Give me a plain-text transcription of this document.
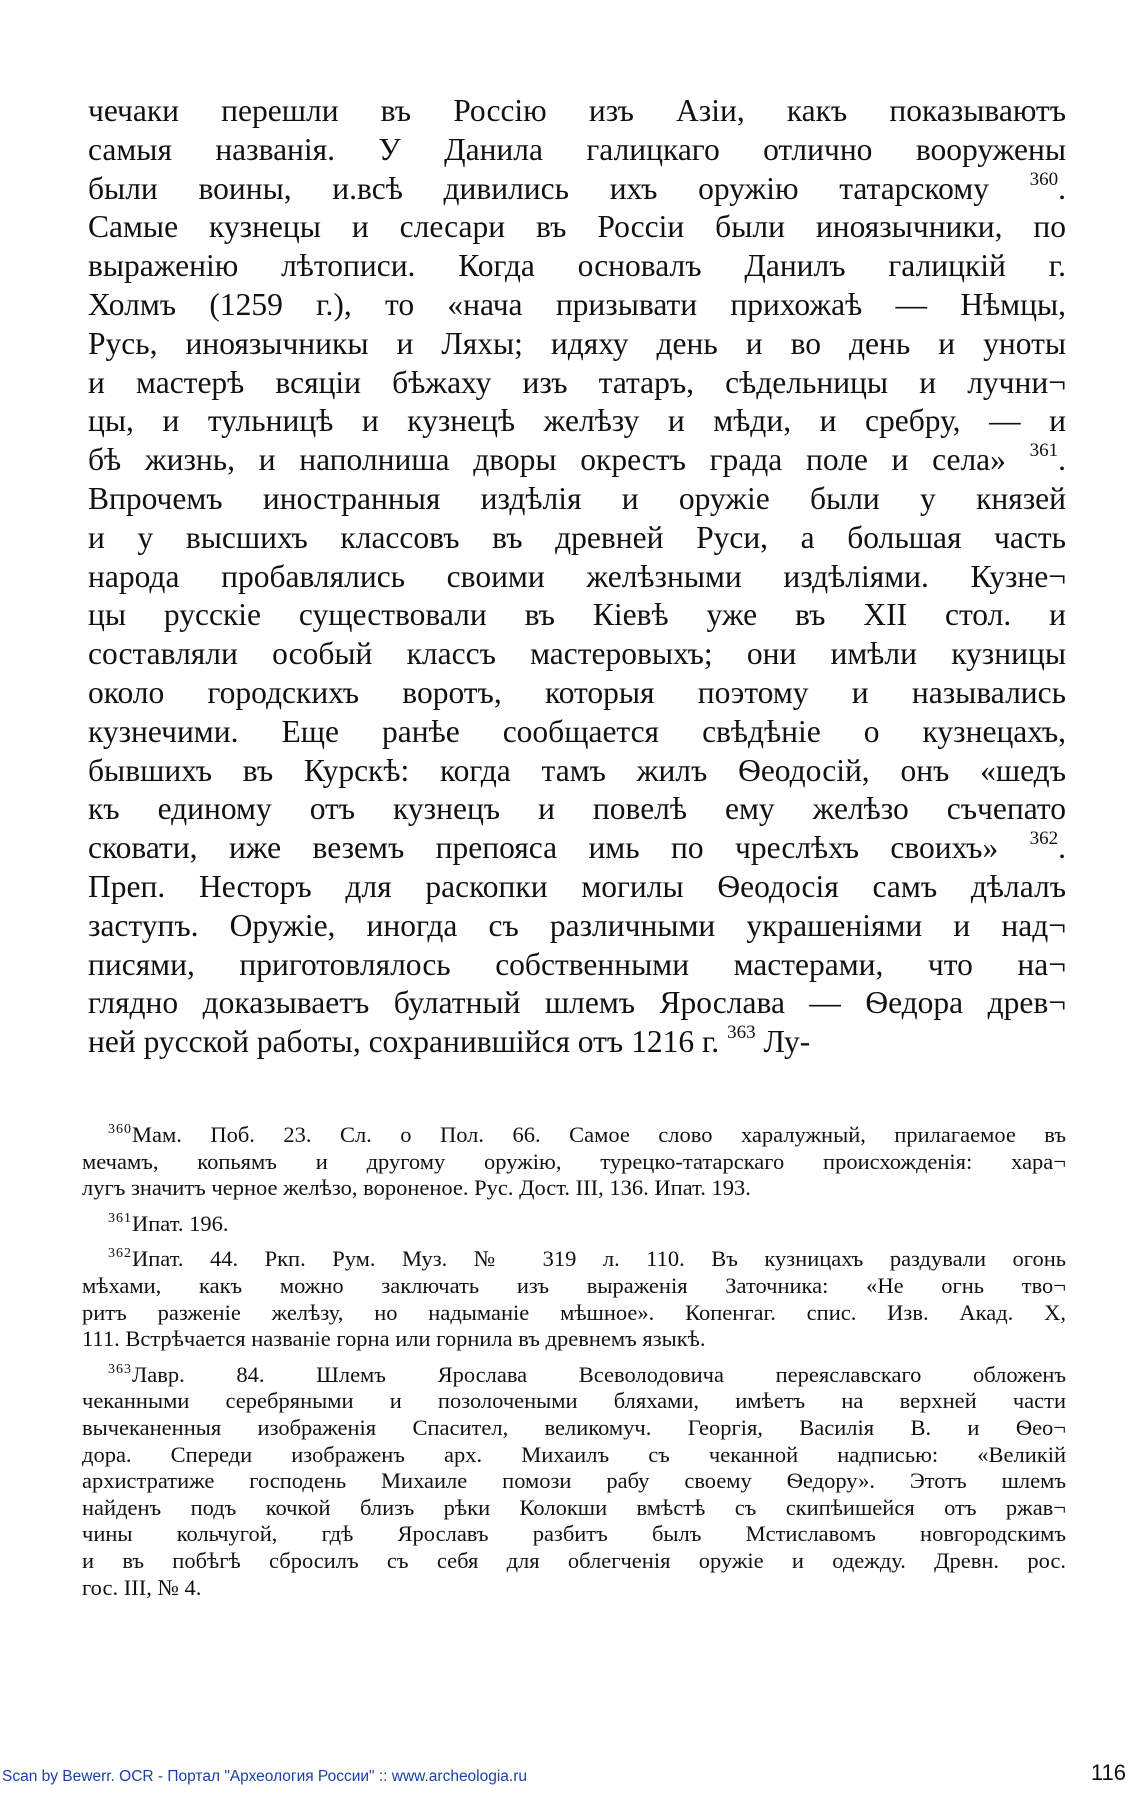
чечаки перешли въ Россію изъ Азіи, какъ показываютъ
самыя названія. У Данила галицкаго отлично вооружены
были воины, и.всѣ дивились ихъ оружію татарскому $^{360}$.
Самые кузнецы и слесари въ Россіи были иноязычники, по
выраженію лѣтописи. Когда основалъ Данилъ галицкій г.
Холмъ (1259 г.), то «нача призывати прихожаѣ — Нѣмцы,
Русь, иноязычникы и Ляхы; идяху день и во день и уноты
и мастерѣ всяціи бѣжаху изъ татаръ, сѣдельницы и лучни¬
цы, и тульницѣ и кузнецѣ желѣзу и мѣди, и сребру, — и
бѣ жизнь, и наполниша дворы окрестъ града поле и села» $^{361}$.
Впрочемъ иностранныя издѣлія и оружіе были у князей
и у высшихъ классовъ въ древней Руси, а большая часть
народа пробавлялись своими желѣзными издѣліями. Кузне¬
цы русскіе существовали въ Кіевѣ уже въ XII стол. и
составляли особый классъ мастеровыхъ; они имѣли кузницы
около городскихъ воротъ, которыя поэтому и назывались
кузнечими. Еще ранѣе сообщается свѣдѣніе о кузнецахъ,
бывшихъ въ Курскѣ: когда тамъ жилъ Ѳеодосій, онъ «шедъ
къ единому отъ кузнецъ и повелѣ ему желѣзо съчепато
сковати, иже веземъ препояса имь по чреслѣхъ своихъ» $^{362}$.
Преп. Несторъ для раскопки могилы Ѳеодосія самъ дѣлалъ
заступъ. Оружіе, иногда съ различными украшеніями и над¬
писями, приготовлялось собственными мастерами, что на¬
глядно доказываетъ булатный шлемъ Ярослава — Ѳедора древ¬
ней русской работы, сохранившійся отъ 1216 г. $^{363}$ Лу-
$^{360}$Мам. Поб. 23. Сл. о Пол. 66. Самое слово харалужный, прилагаемое въ
мечамъ, копьямъ и другому оружію, турецко-татарскаго происхожденія: хара¬
лугъ значитъ черное желѣзо, вороненое. Рус. Дост. III, 136. Ипат. 193.
$^{361}$Ипат. 196.
$^{362}$Ипат. 44. Ркп. Рум. Муз. № 319 л. 110. Въ кузницахъ раздували огонь
мѣхами, какъ можно заключать изъ выраженія Заточника: «Не огнь тво¬
ритъ разженіе желѣзу, но надыманіе мѣшное». Копенгаг. спис. Изв. Акад. X,
111. Встрѣчается названіе горна или горнила въ древнемъ языкѣ.
$^{363}$Лавр. 84. Шлемъ Ярослава Всеволодовича переяславскаго обложенъ
чеканными серебряными и позолочеными бляхами, имѣетъ на верхней части
вычеканенныя изображенія Спасител, великомуч. Георгія, Василія В. и Ѳео¬
дора. Спереди изображенъ арх. Михаилъ съ чеканной надписью: «Великій
архистратиже господень Михаиле помози рабу своему Ѳедору». Этотъ шлемъ
найденъ подъ кочкой близъ рѣки Колокши вмѣстѣ съ скипѣишейся отъ ржав¬
чины кольчугой, гдѣ Ярославъ разбитъ былъ Мстиславомъ новгородскимъ
и въ побѣгѣ сбросилъ съ себя для облегченія оружіе и одежду. Древн. рос.
гос. III, № 4.
Scan by Bewerr. OCR - Портал "Археология России" :: www.archeologia.ru	116
